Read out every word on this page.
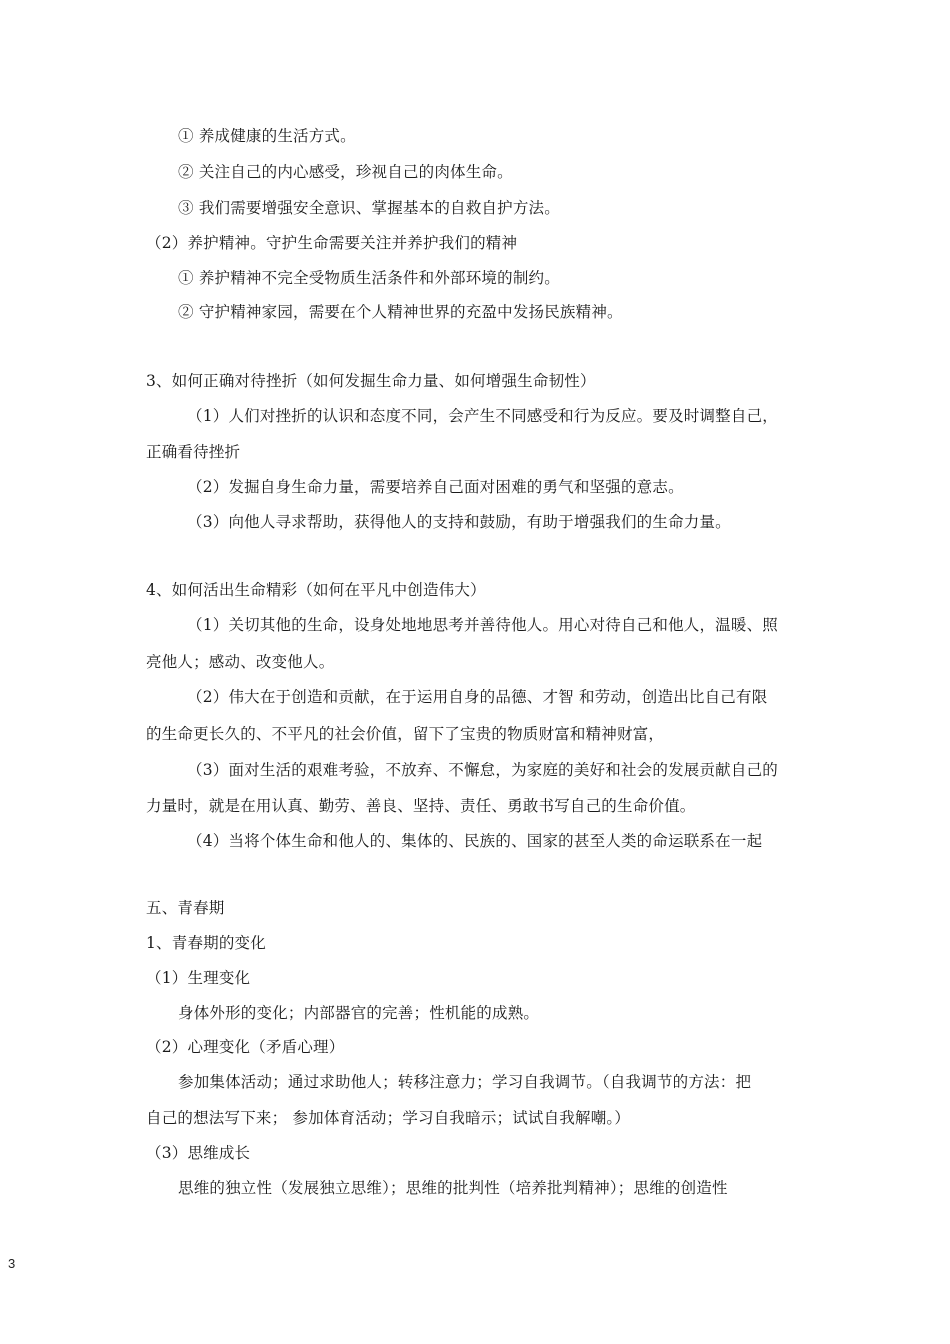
① 养成健康的生活方式。
② 关注自己的内心感受，珍视自己的肉体生命。
③ 我们需要增强安全意识、掌握基本的自救自护方法。
（2）养护精神。守护生命需要关注并养护我们的精神
① 养护精神不完全受物质生活条件和外部环境的制约。
② 守护精神家园，需要在个人精神世界的充盈中发扬民族精神。
3、如何正确对待挫折（如何发掘生命力量、如何增强生命韧性）
（1）人们对挫折的认识和态度不同，会产生不同感受和行为反应。要及时调整自己，
正确看待挫折
（2）发掘自身生命力量，需要培养自己面对困难的勇气和坚强的意志。
（3）向他人寻求帮助，获得他人的支持和鼓励，有助于增强我们的生命力量。
4、如何活出生命精彩（如何在平凡中创造伟大）
（1）关切其他的生命，设身处地地思考并善待他人。用心对待自己和他人，温暖、照
亮他人；感动、改变他人。
（2）伟大在于创造和贡献，在于运用自身的品德、才智 和劳动，创造出比自己有限
的生命更长久的、不平凡的社会价值，留下了宝贵的物质财富和精神财富，
（3）面对生活的艰难考验，不放弃、不懈怠，为家庭的美好和社会的发展贡献自己的
力量时，就是在用认真、勤劳、善良、坚持、责任、勇敢书写自己的生命价值。
（4）当将个体生命和他人的、集体的、民族的、国家的甚至人类的命运联系在一起
五、青春期
1、青春期的变化
（1）生理变化
身体外形的变化；内部器官的完善；性机能的成熟。
（2）心理变化（矛盾心理）
参加集体活动；通过求助他人；转移注意力；学习自我调节。（自我调节的方法：把
自己的想法写下来； 参加体育活动；学习自我暗示；试试自我解嘲。）
（3）思维成长
思维的独立性（发展独立思维）；思维的批判性（培养批判精神）；思维的创造性
3
